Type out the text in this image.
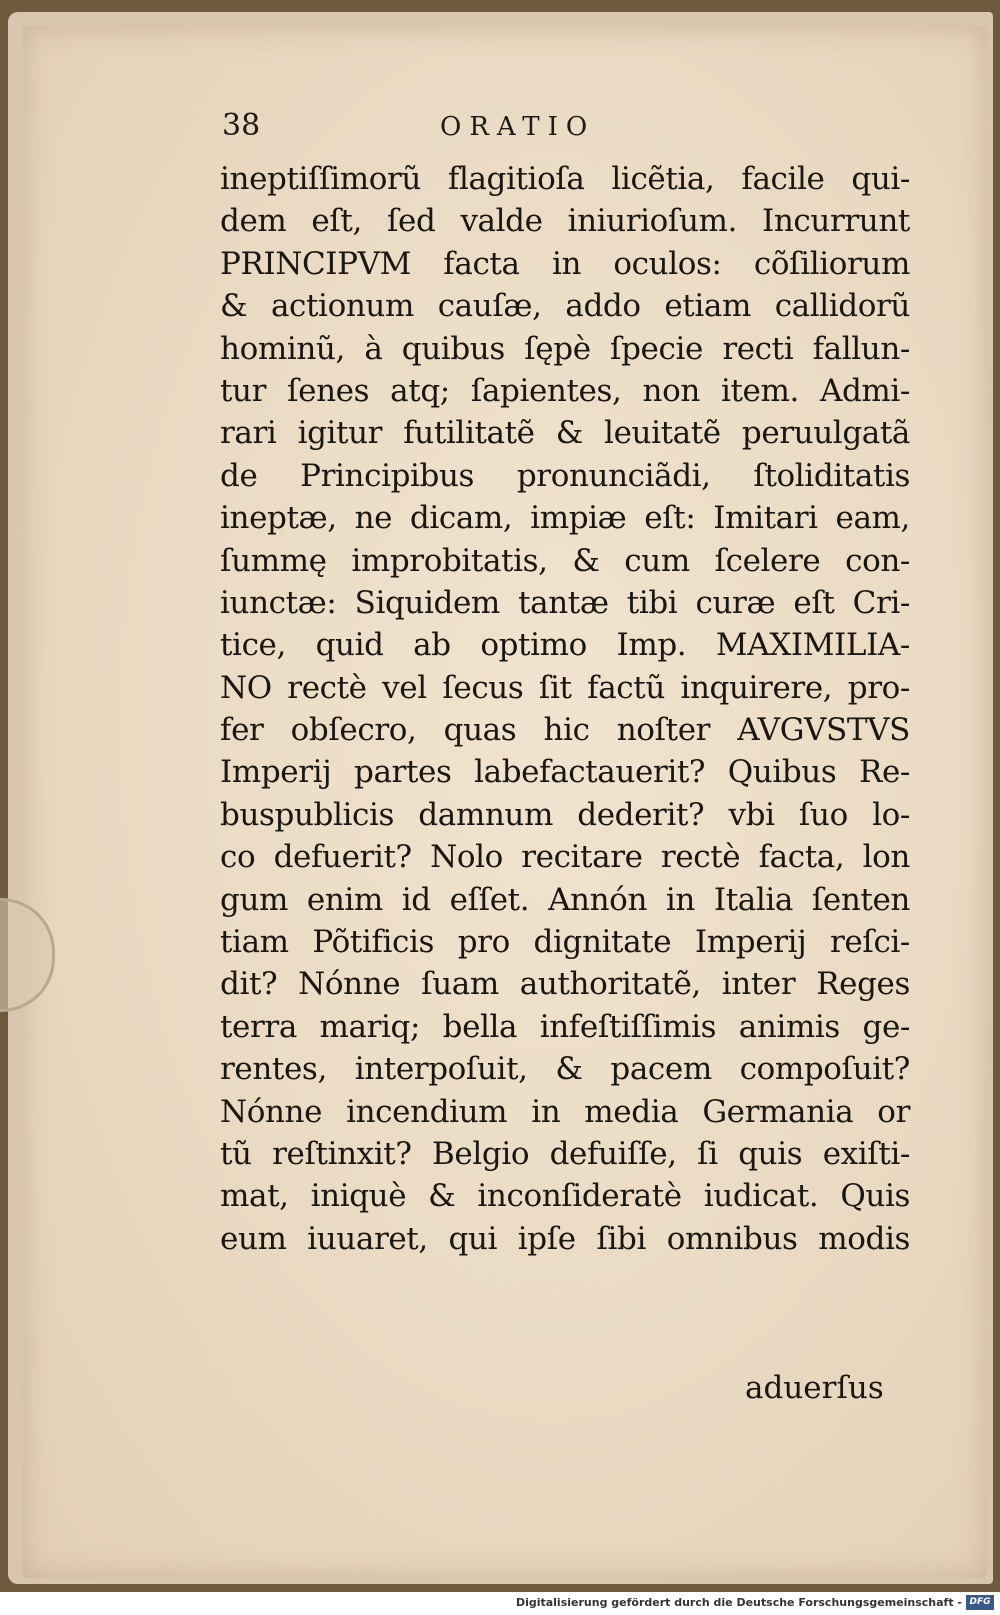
38	ORATIO
ineptiſſimorũ flagitioſa licẽtia, facile qui-
dem eſt, ſed valde iniurioſum. Incurrunt
PRINCIPVM facta in oculos: cõſiliorum
& actionum cauſæ, addo etiam callidorũ
hominũ, à quibus ſępè ſpecie recti fallun-
tur ſenes atq; ſapientes, non item. Admi-
rari igitur futilitatẽ & leuitatẽ peruulgatã
de Principibus pronunciãdi, ſtoliditatis
ineptæ, ne dicam, impiæ eſt: Imitari eam,
ſummę improbitatis, & cum ſcelere con-
iunctæ: Siquidem tantæ tibi curæ eſt Cri-
tice, quid ab optimo Imp. MAXIMILIA-
NO rectè vel ſecus ſit factũ inquirere, pro-
fer obſecro, quas hic noſter AVGVSTVS
Imperij partes labefactauerit? Quibus Re-
buspublicis damnum dederit? vbi ſuo lo-
co defuerit? Nolo recitare rectè facta, lon
gum enim id eſſet. Annón in Italia ſenten
tiam Põtificis pro dignitate Imperij reſci-
dit? Nónne ſuam authoritatẽ, inter Reges
terra mariq; bella infeſtiſſimis animis ge-
rentes, interpoſuit, & pacem compoſuit?
Nónne incendium in media Germania or
tũ reſtinxit? Belgio defuiſſe, ſi quis exiſti-
mat, iniquè & inconſideratè iudicat. Quis
eum iuuaret, qui ipſe ſibi omnibus modis
aduerſus
Digitalisierung gefördert durch die Deutsche Forschungsgemeinschaft - DFG
